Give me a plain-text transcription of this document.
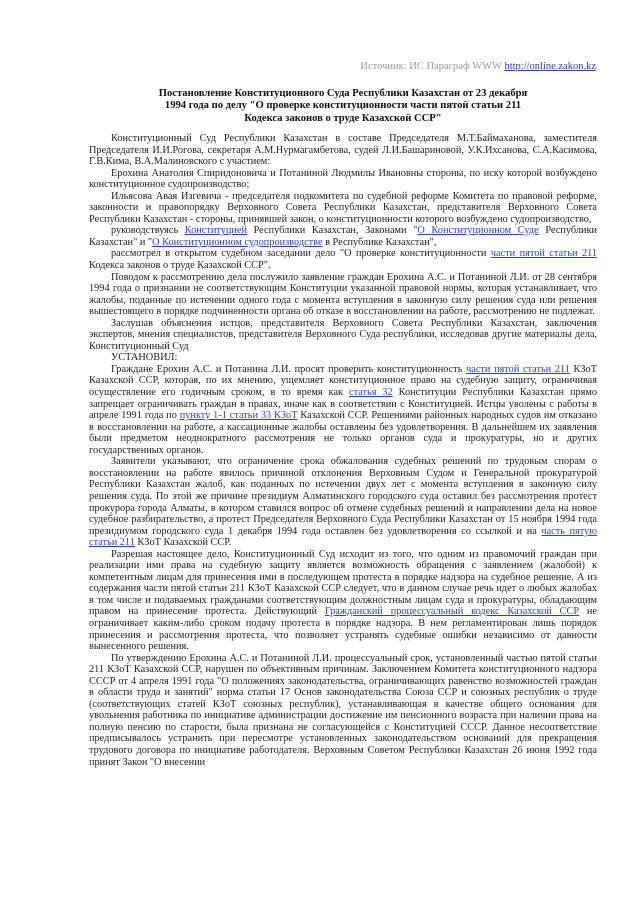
Источник: ИС Параграф WWW http://online.zakon.kz
Постановление Конституционного Суда Республики Казахстан от 23 декабря
1994 года по делу "О проверке конституционности части пятой статьи 211
Кодекса законов о труде Казахской ССР"

Конституционный Суд Республики Казахстан в составе Председателя М.Т.Баймаханова, заместителя Председателя И.И.Рогова, секретаря А.М.Нурмагамбетова, судей Л.И.Башариновой, У.К.Ихсанова, С.А.Касимова, Г.В.Кима, В.А.Малиновского с участием:

Ерохина Анатолия Спиридоновича и Потаниной Людмилы Ивановны стороны, по иску которой возбуждено конституционное судопроизводство;

Ильясова Авая Изгевича - председателя подкомитета по судебной реформе Комитета по правовой реформе, законности и правопорядку Верховного Совета Республики Казахстан, представителя Верховного Совета Республики Казахстан - стороны, принявшей закон, о конституционности которого возбуждено судопроизводство,

руководствуясь Конституцией Республики Казахстан, Законами "О Конституционном Суде Республики Казахстан" и "О Конституционном судопроизводстве в Республике Казахстан",

рассмотрел в открытом судебном заседании дело "О проверке конституционности части пятой статьи 211 Кодекса законов о труде Казахской ССР".

Поводом к рассмотрению дела послужило заявление граждан Ерохина А.С. и Потаниной Л.И. от 28 сентября 1994 года о признании не соответствующим Конституции указанной правовой нормы, которая устанавливает, что жалобы, поданные по истечении одного года с момента вступления в законную силу решения суда или решения вышестоящего в порядке подчиненности органа об отказе в восстановлении на работе, рассмотрению не подлежат.

Заслушав объяснения истцов, представителя Верховного Совета Республики Казахстан, заключения экспертов, мнения специалистов, представителя Верховного Суда республики, исследовав другие материалы дела, Конституционный Суд

УСТАНОВИЛ:

Граждане Ерохин А.С. и Потанина Л.И. просят проверить конституционность части пятой статьи 211 КЗоТ Казахской ССР, которая, по их мнению, ущемляет конституционное право на судебную защиту, ограничивая осуществление его годичным сроком, в то время как статья 32 Конституции Республики Казахстан прямо запрещает ограничивать граждан в правах, иначе как в соответствии с Конституцией. Истцы уволены с работы в апреле 1991 года по пункту 1-1 статьи 33 КЗоТ Казахской ССР. Решениями районных народных судов им отказано в восстановлении на работе, а кассационные жалобы оставлены без удовлетворения. В дальнейшем их заявления были предметом неоднократного рассмотрения не только органов суда и прокуратуры, но и других государственных органов.

Заявители указывают, что ограничение срока обжалования судебных решений по трудовым спорам о восстановлении на работе явилось причиной отклонения Верховным Судом и Генеральной прокуратурой Республики Казахстан жалоб, как поданных по истечении двух лет с момента вступления в законную силу решения суда. По этой же причине президиум Алматинского городского суда оставил без рассмотрения протест прокурора города Алматы, в котором ставился вопрос об отмене судебных решений и направлении дела на новое судебное разбирательство, а протест Председателя Верховного Суда Республики Казахстан от 15 ноября 1994 года президиумом городского суда 1 декабря 1994 года оставлен без удовлетворения со ссылкой и на часть пятую статьи 211 КЗоТ Казахской ССР.

Разрешая настоящее дело, Конституционный Суд исходит из того, что одним из правомочий граждан при реализации ими права на судебную защиту является возможность обращения с заявлением (жалобой) к компетентным лицам для принесения ими в последующем протеста в порядке надзора на судебное решение. А из содержания части пятой статьи 211 КЗоТ Казахской ССР следует, что в данном случае речь идет о любых жалобах в том числе и подаваемых гражданами соответствующим должностным лицам суда и прокуратуры, обладающим правом на принесение протеста. Действующий Гражданский процессуальный кодекс Казахской ССР не ограничивает каким-либо сроком подачу протеста в порядке надзора. В нем регламентирован лишь порядок принесения и рассмотрения протеста, что позволяет устранять судебные ошибки независимо от давности вынесенного решения.

По утверждению Ерохина А.С. и Потаниной Л.И. процессуальный срок, установленный частью пятой статьи 211 КЗоТ Казахской ССР, нарушен по объективным причинам. Заключением Комитета конституционного надзора СССР от 4 апреля 1991 года "О положениях законодательства, ограничивающих равенство возможностей граждан в области труда и занятий" норма статьи 17 Основ законодательства Союза ССР и союзных республик о труде (соответствующих статей КЗоТ союзных республик), устанавливающая в качестве общего основания для увольнения работника по инициативе администрации достижение им пенсионного возраста при наличии права на полную пенсию по старости, была признана не согласующейся с Конституцией СССР. Данное несоответствие предписывалось устранить при пересмотре установленных законодательством оснований для прекращения трудового договора по инициативе работодателя. Верховным Советом Республики Казахстан 26 июня 1992 года принят Закон "О внесении
